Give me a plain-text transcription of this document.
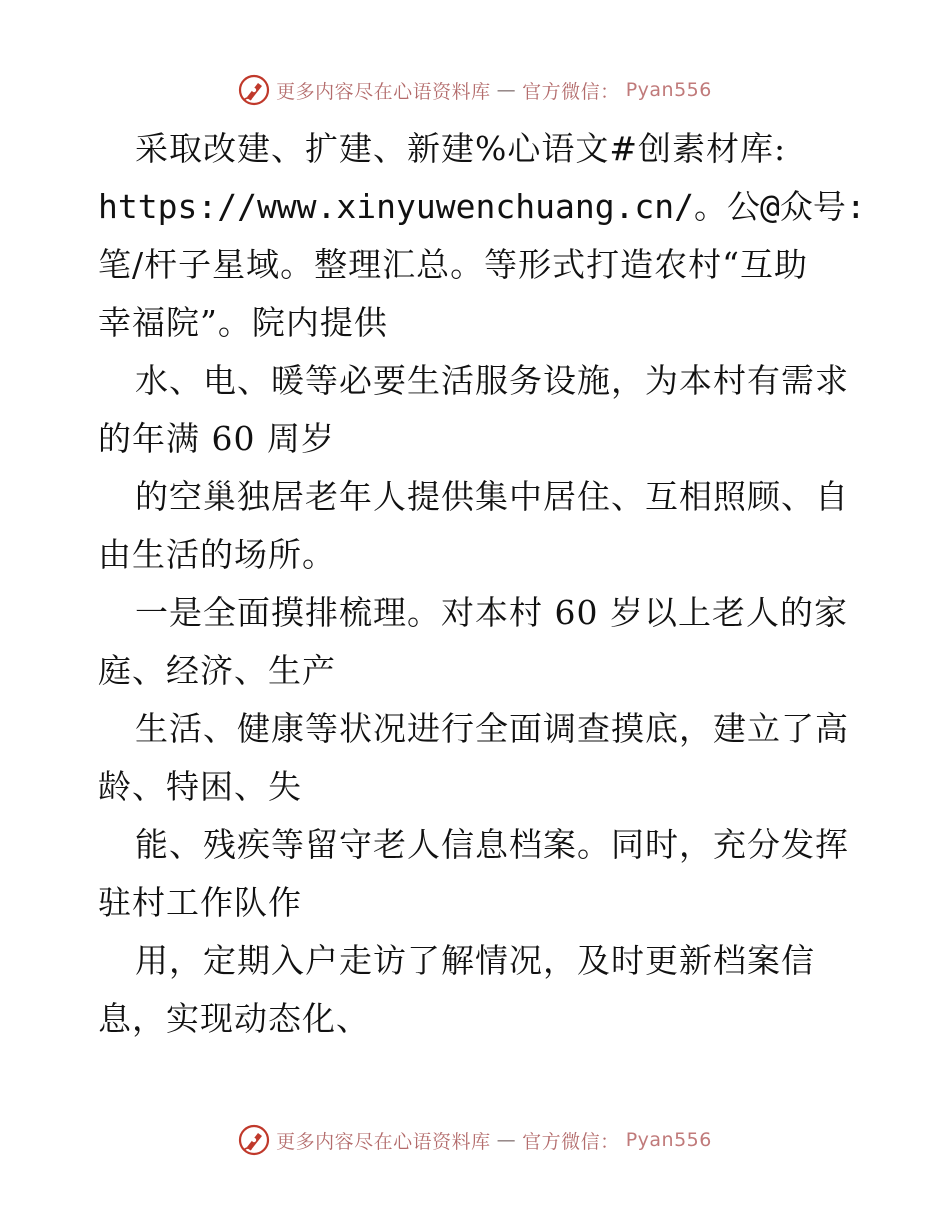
更多内容尽在心语资料库 — 官方微信： Pyan556
采取改建、扩建、新建%心语文#创素材库:
https://www.xinyuwenchuang.cn/。公@众号:
笔/杆子星域。整理汇总。等形式打造农村“互助
幸福院”。院内提供
水、电、暖等必要生活服务设施，为本村有需求
的年满 60 周岁
的空巢独居老年人提供集中居住、互相照顾、自
由生活的场所。
一是全面摸排梳理。对本村 60 岁以上老人的家
庭、经济、生产
生活、健康等状况进行全面调查摸底，建立了高
龄、特困、失
能、残疾等留守老人信息档案。同时，充分发挥
驻村工作队作
用，定期入户走访了解情况，及时更新档案信
息，实现动态化、
更多内容尽在心语资料库 — 官方微信： Pyan556
